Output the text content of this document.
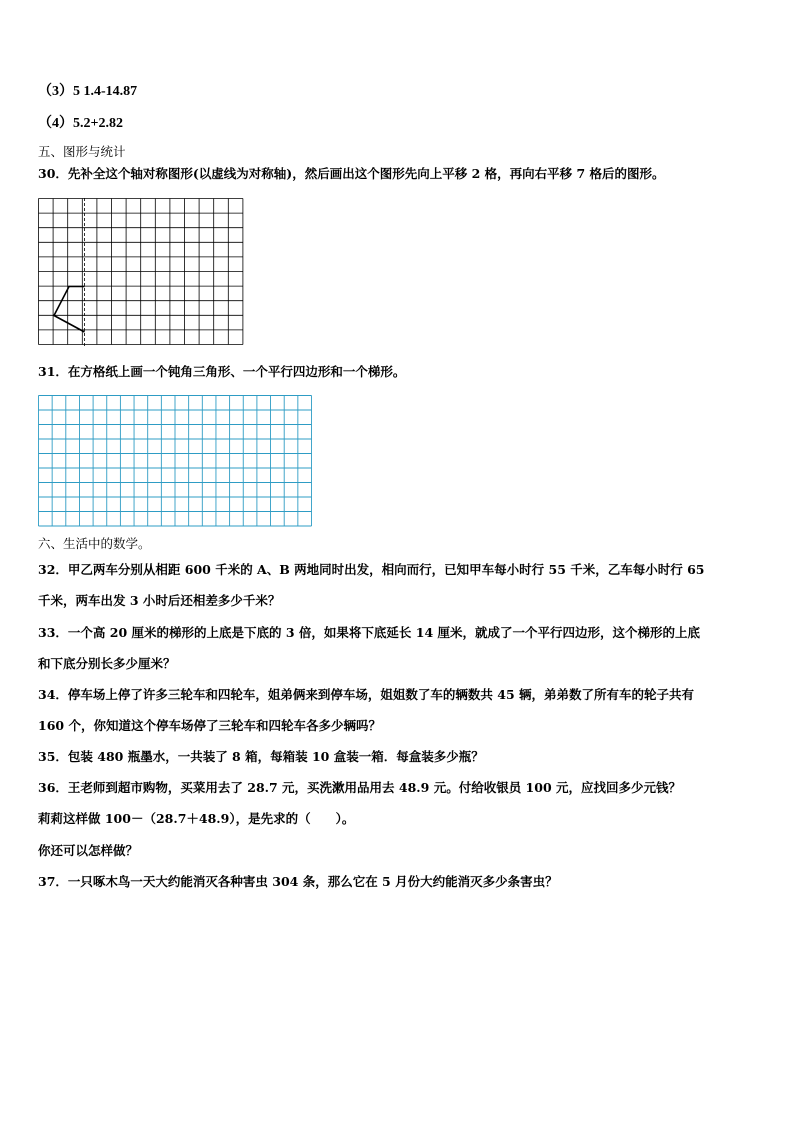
（3）5 1.4-14.87
（4）5.2+2.82
五、图形与统计
30．先补全这个轴对称图形(以虚线为对称轴)，然后画出这个图形先向上平移 2 格，再向右平移 7 格后的图形。
31．在方格纸上画一个钝角三角形、一个平行四边形和一个梯形。
六、生活中的数学。
32．甲乙两车分别从相距 600 千米的 A、B 两地同时出发，相向而行，已知甲车每小时行 55 千米，乙车每小时行 65
千米，两车出发 3 小时后还相差多少千米？
33．一个高 20 厘米的梯形的上底是下底的 3 倍，如果将下底延长 14 厘米，就成了一个平行四边形，这个梯形的上底
和下底分别长多少厘米？
34．停车场上停了许多三轮车和四轮车，姐弟俩来到停车场，姐姐数了车的辆数共 45 辆，弟弟数了所有车的轮子共有
160 个，你知道这个停车场停了三轮车和四轮车各多少辆吗？
35．包装 480 瓶墨水，一共装了 8 箱，每箱装 10 盒装一箱．每盒装多少瓶？
36．王老师到超市购物，买菜用去了 28.7 元，买洗漱用品用去 48.9 元。付给收银员 100 元，应找回多少元钱？
莉莉这样做 100－（28.7＋48.9），是先求的（　　）。
你还可以怎样做？
37．一只啄木鸟一天大约能消灭各种害虫 304 条，那么它在 5 月份大约能消灭多少条害虫？
